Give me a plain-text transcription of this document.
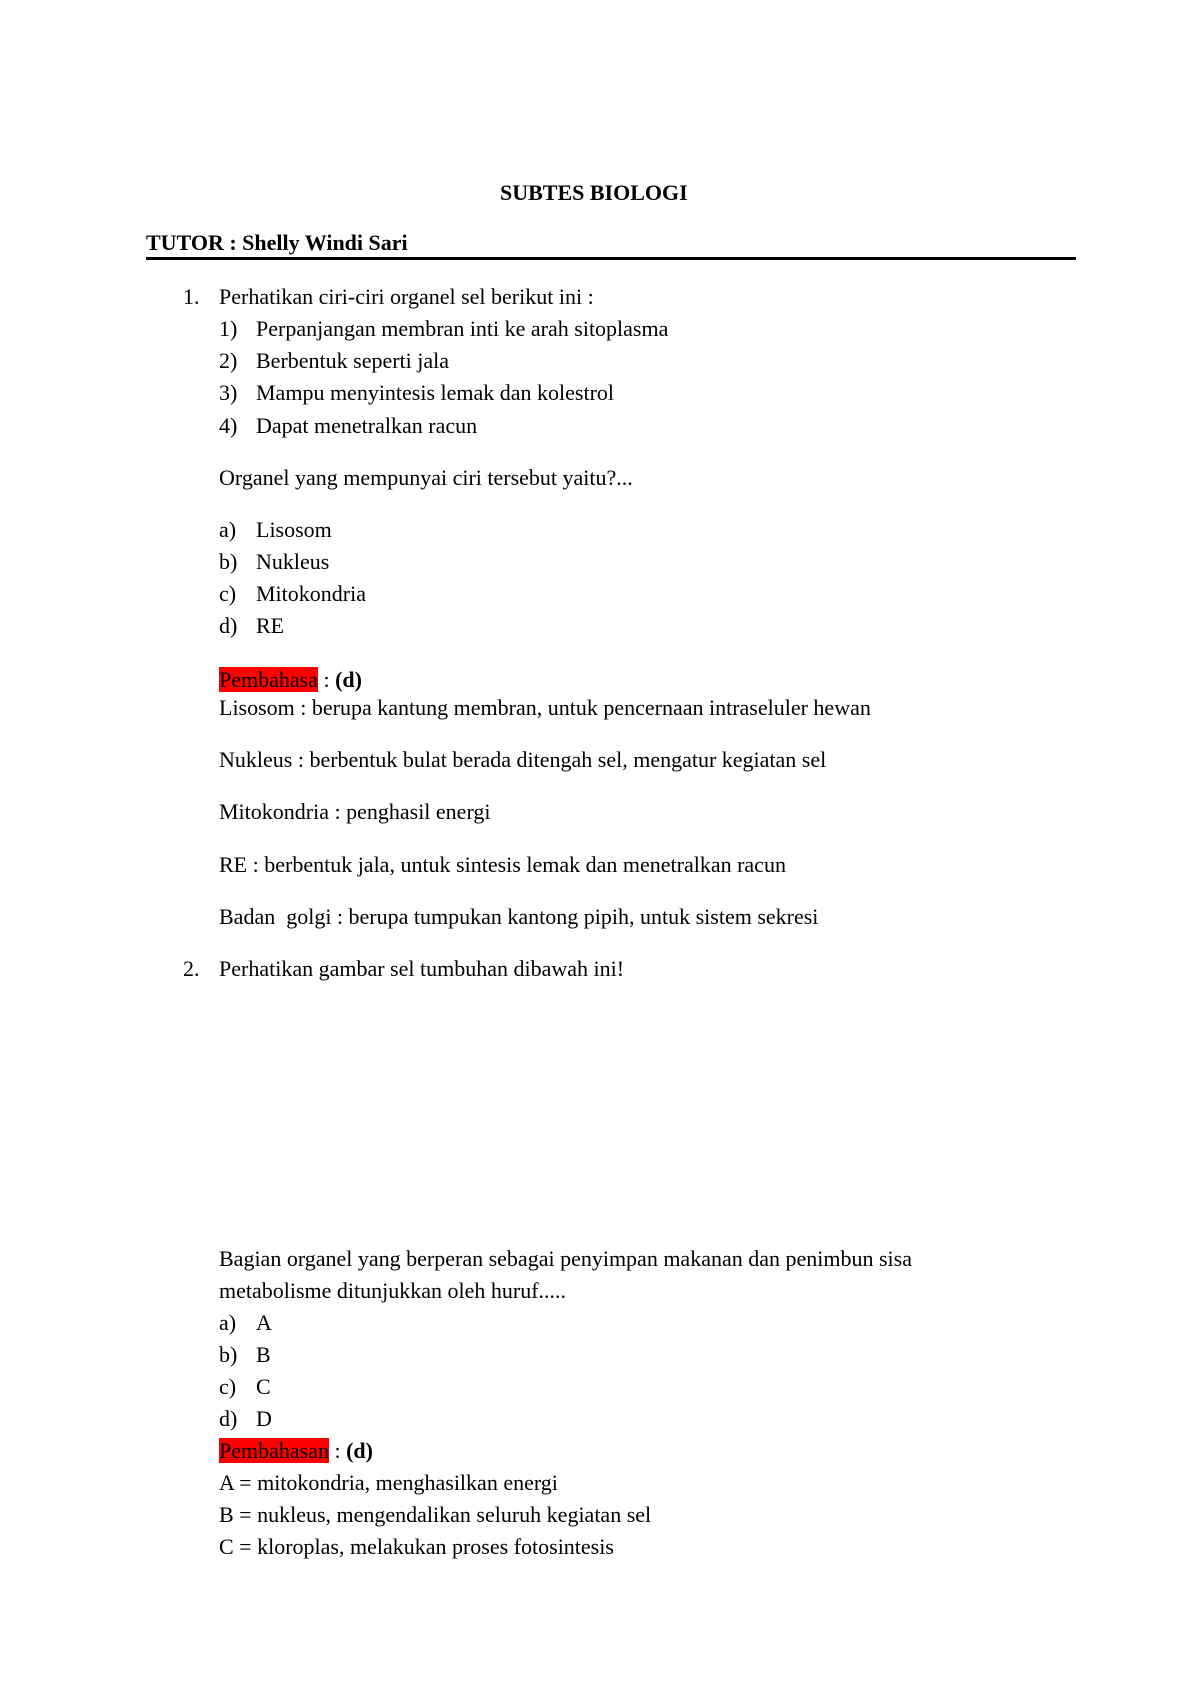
SUBTES BIOLOGI
TUTOR : Shelly Windi Sari
1. Perhatikan ciri-ciri organel sel berikut ini :
1) Perpanjangan membran inti ke arah sitoplasma
2) Berbentuk seperti jala
3) Mampu menyintesis lemak dan kolestrol
4) Dapat menetralkan racun
Organel yang mempunyai ciri tersebut yaitu?...
a) Lisosom
b) Nukleus
c) Mitokondria
d) RE
Pembahasa : (d)
Lisosom : berupa kantung membran, untuk pencernaan intraseluler hewan
Nukleus : berbentuk bulat berada ditengah sel, mengatur kegiatan sel
Mitokondria : penghasil energi
RE : berbentuk jala, untuk sintesis lemak dan menetralkan racun
Badan  golgi : berupa tumpukan kantong pipih, untuk sistem sekresi
2. Perhatikan gambar sel tumbuhan dibawah ini!
Bagian organel yang berperan sebagai penyimpan makanan dan penimbun sisa
metabolisme ditunjukkan oleh huruf.....
a) A
b) B
c) C
d) D
Pembahasan : (d)
A = mitokondria, menghasilkan energi
B = nukleus, mengendalikan seluruh kegiatan sel
C = kloroplas, melakukan proses fotosintesis
